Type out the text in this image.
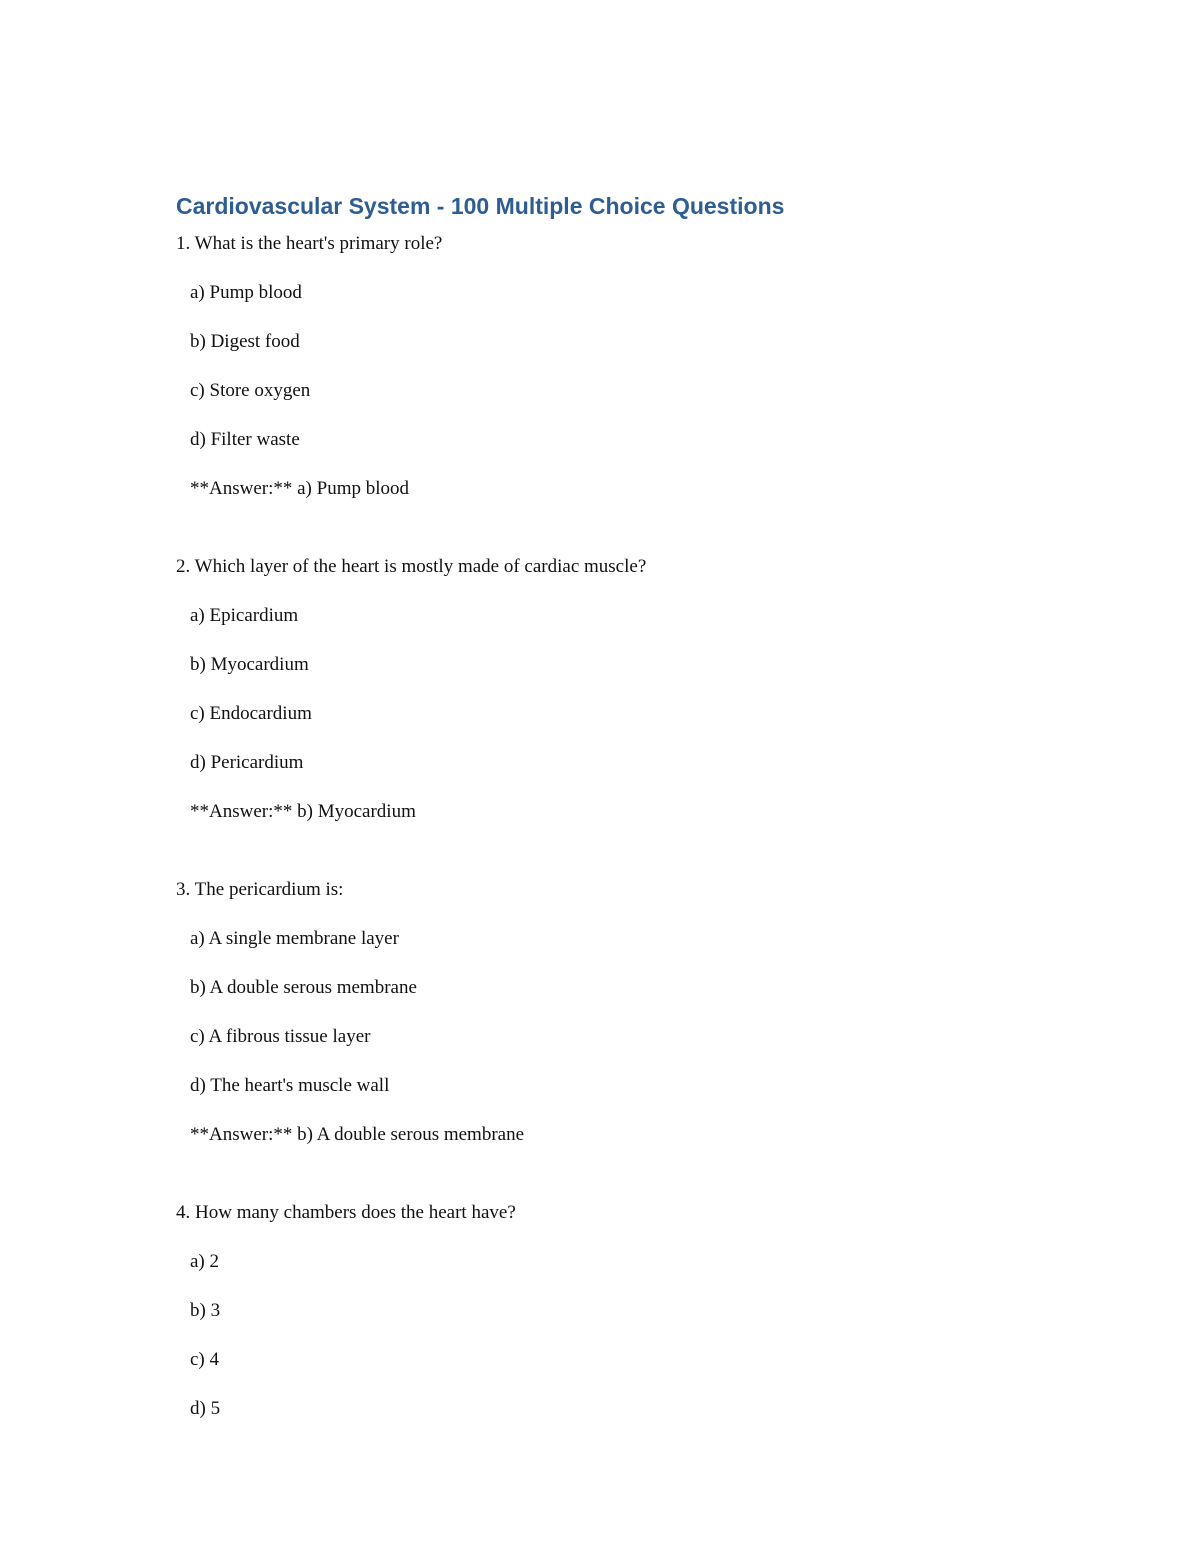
Cardiovascular System - 100 Multiple Choice Questions
1. What is the heart's primary role?
a) Pump blood
b) Digest food
c) Store oxygen
d) Filter waste
**Answer:** a) Pump blood
2. Which layer of the heart is mostly made of cardiac muscle?
a) Epicardium
b) Myocardium
c) Endocardium
d) Pericardium
**Answer:** b) Myocardium
3. The pericardium is:
a) A single membrane layer
b) A double serous membrane
c) A fibrous tissue layer
d) The heart's muscle wall
**Answer:** b) A double serous membrane
4. How many chambers does the heart have?
a) 2
b) 3
c) 4
d) 5
